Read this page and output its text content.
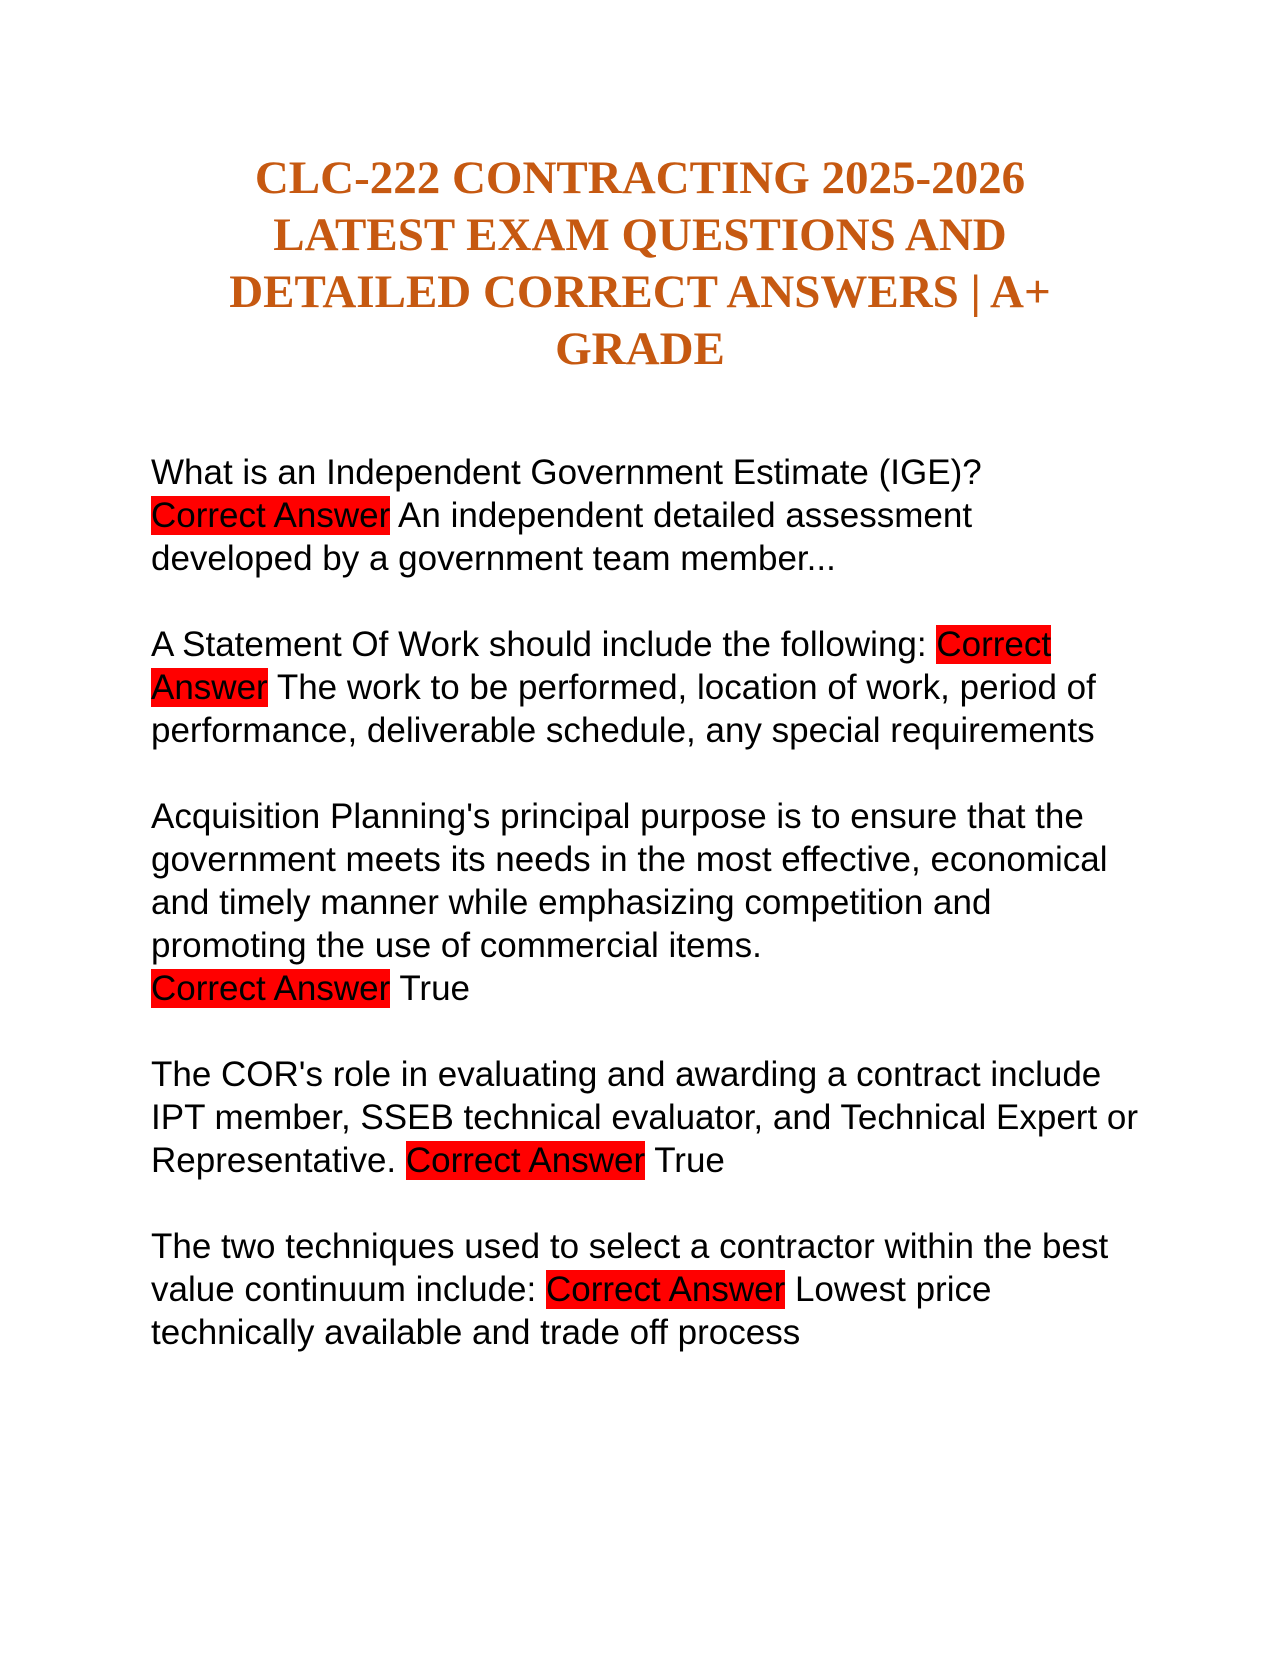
CLC-222 CONTRACTING 2025-2026
LATEST EXAM QUESTIONS AND
DETAILED CORRECT ANSWERS | A+
GRADE

What is an Independent Government Estimate (IGE)?
Correct Answer An independent detailed assessment developed by a government team member...

A Statement Of Work should include the following: Correct Answer The work to be performed, location of work, period of performance, deliverable schedule, any special requirements

Acquisition Planning's principal purpose is to ensure that the government meets its needs in the most effective, economical and timely manner while emphasizing competition and promoting the use of commercial items.
Correct Answer True

The COR's role in evaluating and awarding a contract include IPT member, SSEB technical evaluator, and Technical Expert or Representative. Correct Answer True

The two techniques used to select a contractor within the best value continuum include: Correct Answer Lowest price technically available and trade off process
